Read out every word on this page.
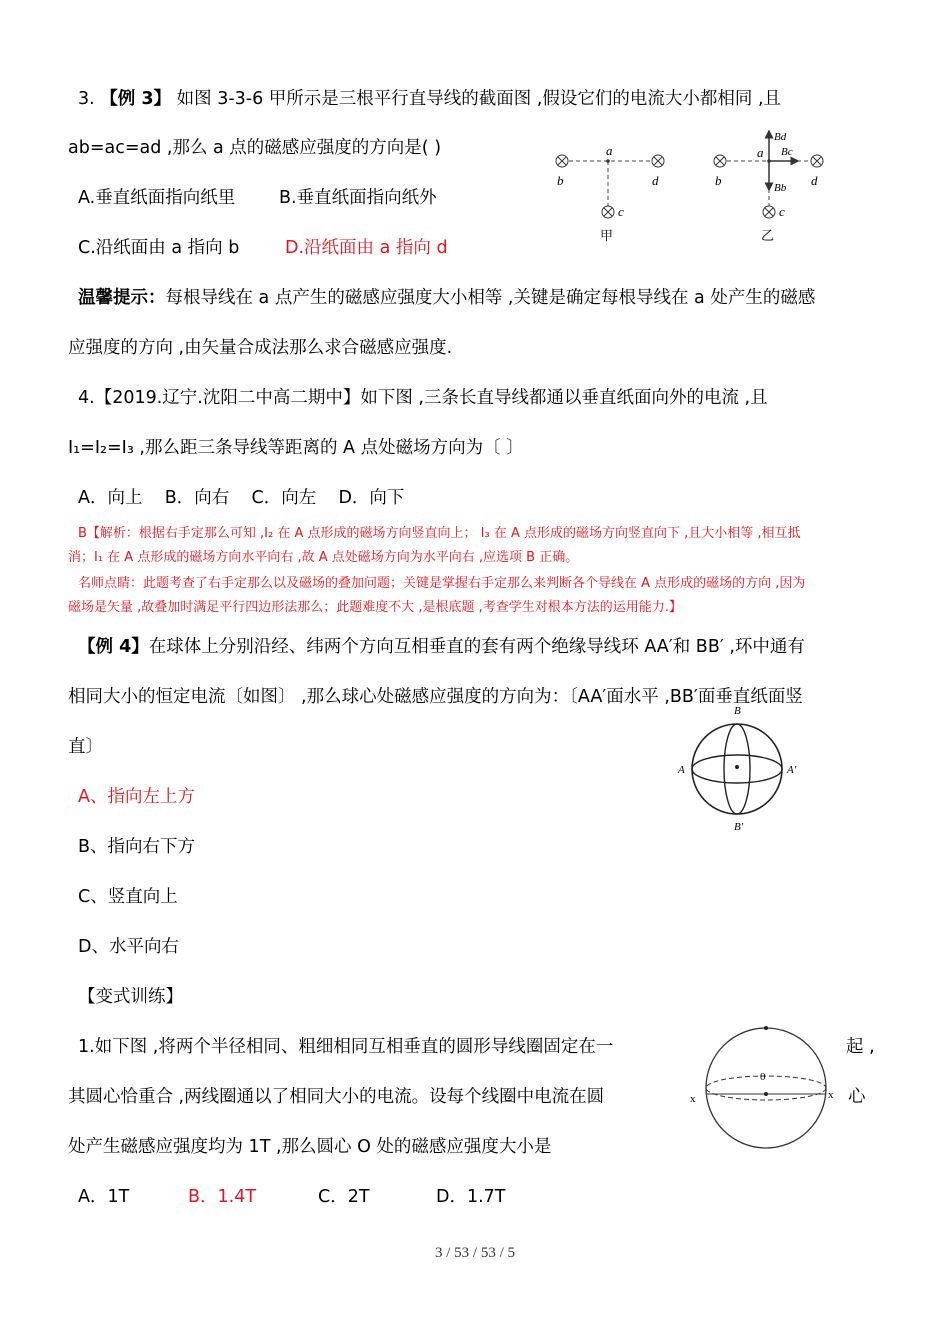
3. 【例 3】 如图 3-3-6 甲所示是三根平行直导线的截面图 ,假设它们的电流大小都相同 ,且
ab=ac=ad ,那么 a 点的磁感应强度的方向是( )
A.垂直纸面指向纸里	B.垂直纸面指向纸外
C.沿纸面由 a 指向 b	D.沿纸面由 a 指向 d
a
b	d
c
甲
a
b	d
c
Bd
Bc
Bb
乙
温馨提示：每根导线在 a 点产生的磁感应强度大小相等 ,关键是确定每根导线在 a 处产生的磁感
应强度的方向 ,由矢量合成法那么求合磁感应强度.
4.【2019.辽宁.沈阳二中高二期中】如下图 ,三条长直导线都通以垂直纸面向外的电流 ,且
I₁=I₂=I₃ ,那么距三条导线等距离的 A 点处磁场方向为〔 〕
A．向上    B．向右    C．向左    D．向下
B【解析：根据右手定那么可知 ,I₂ 在 A 点形成的磁场方向竖直向上； I₃ 在 A 点形成的磁场方向竖直向下 ,且大小相等 ,相互抵
消；I₁ 在 A 点形成的磁场方向水平向右 ,故 A 点处磁场方向为水平向右 ,应选项 B 正确。
名师点睛：此题考查了右手定那么以及磁场的叠加问题；关键是掌握右手定那么来判断各个导线在 A 点形成的磁场的方向 ,因为
磁场是矢量 ,故叠加时满足平行四边形法那么；此题难度不大 ,是根底题 ,考查学生对根本方法的运用能力.】
【例 4】在球体上分别沿经、纬两个方向互相垂直的套有两个绝缘导线环 AA′和 BB′ ,环中通有
相同大小的恒定电流〔如图〕 ,那么球心处磁感应强度的方向为：〔AA′面水平 ,BB′面垂直纸面竖
直〕
A、指向左上方
B、指向右下方
C、竖直向上
D、水平向右
B
B′
A	A′
【变式训练】
1.如下图 ,将两个半径相同、粗细相同互相垂直的圆形导线圈固定在一	起 ,
其圆心恰重合 ,两线圈通以了相同大小的电流。设每个线圈中电流在圆	心
处产生磁感应强度均为 1T ,那么圆心 O 处的磁感应强度大小是
A．1T	B．1.4T	C．2T	D．1.7T
0
x	x
3 / 53 / 53 / 5
